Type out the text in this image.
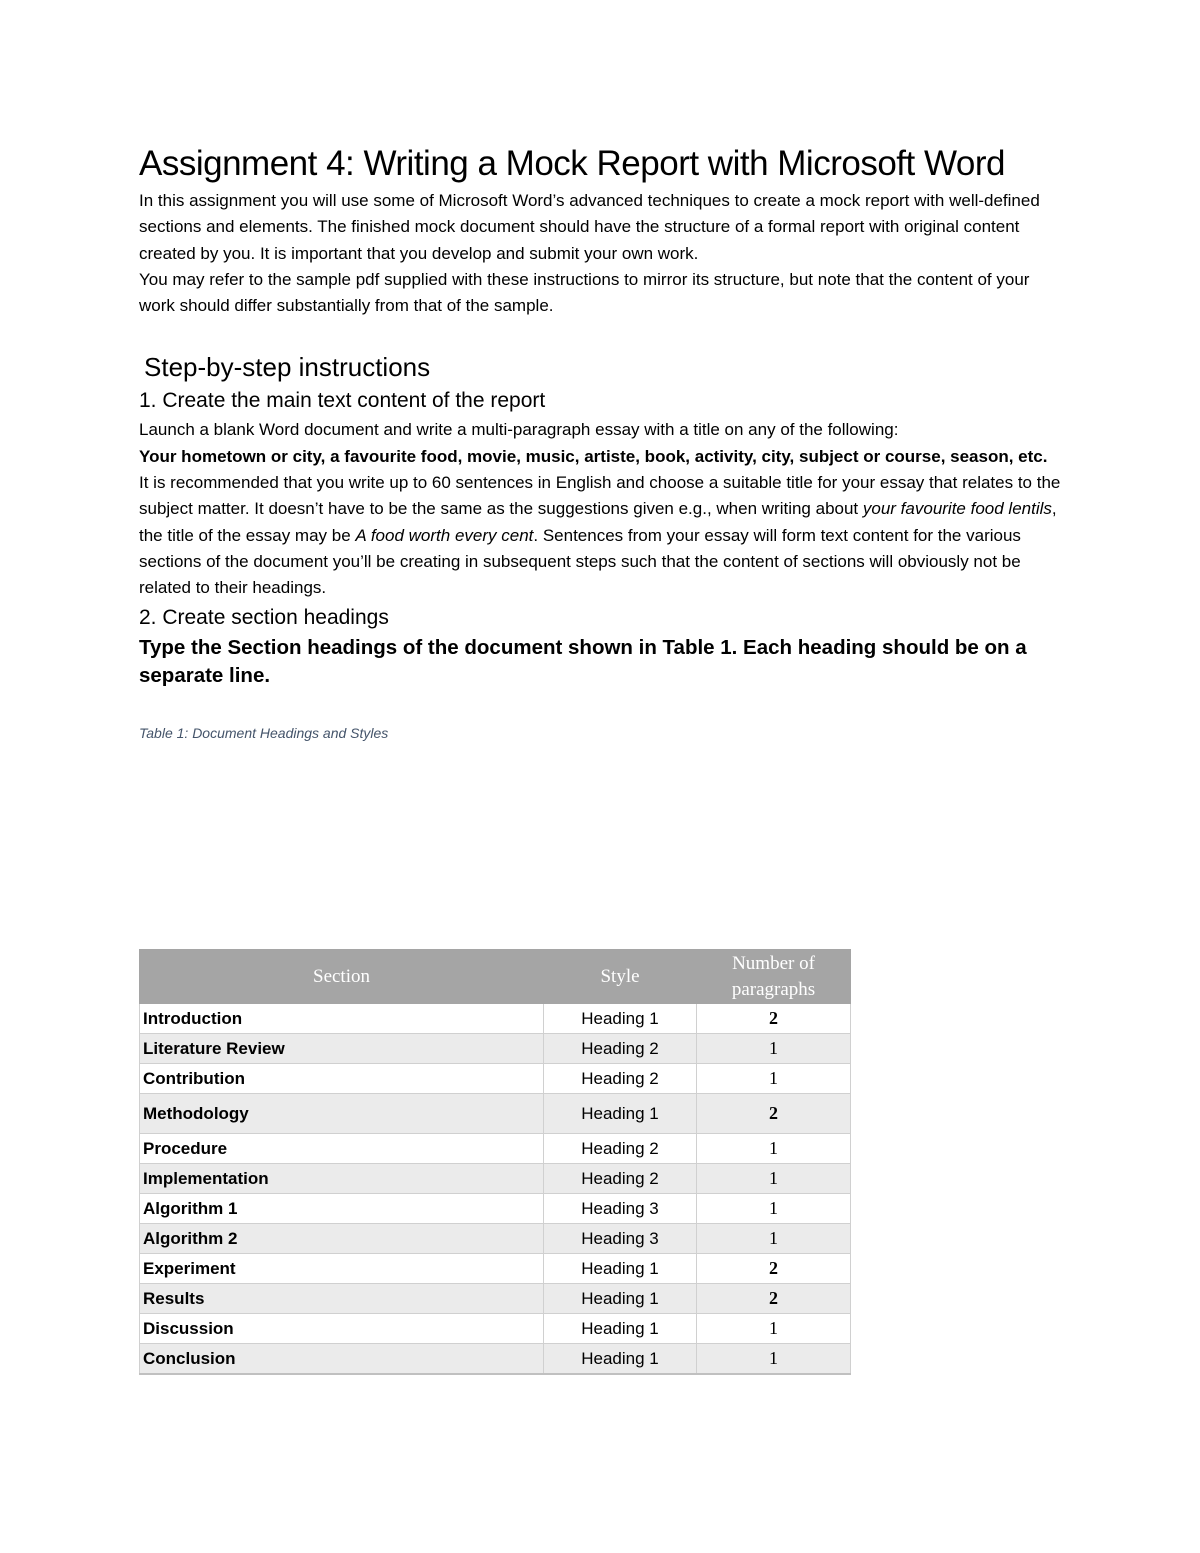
Assignment 4: Writing a Mock Report with Microsoft Word

In this assignment you will use some of Microsoft Word’s advanced techniques to create a mock report with well-defined sections and elements. The finished mock document should have the structure of a formal report with original content created by you. It is important that you develop and submit your own work.

You may refer to the sample pdf supplied with these instructions to mirror its structure, but note that the content of your work should differ substantially from that of the sample.

Step-by-step instructions
1. Create the main text content of the report

Launch a blank Word document and write a multi-paragraph essay with a title on any of the following:
Your hometown or city, a favourite food, movie, music, artiste, book, activity, city, subject or course, season, etc.

It is recommended that you write up to 60 sentences in English and choose a suitable title for your essay that relates to the subject matter. It doesn’t have to be the same as the suggestions given e.g., when writing about your favourite food lentils, the title of the essay may be A food worth every cent. Sentences from your essay will form text content for the various sections of the document you’ll be creating in subsequent steps such that the content of sections will obviously not be related to their headings.

2. Create section headings

Type the Section headings of the document shown in Table 1. Each heading should be on a separate line.

Table 1: Document Headings and Styles
Section	Style	Number of paragraphs
Introduction	Heading 1	2
Literature Review	Heading 2	1
Contribution	Heading 2	1
Methodology	Heading 1	2
Procedure	Heading 2	1
Implementation	Heading 2	1
Algorithm 1	Heading 3	1
Algorithm 2	Heading 3	1
Experiment	Heading 1	2
Results	Heading 1	2
Discussion	Heading 1	1
Conclusion	Heading 1	1
